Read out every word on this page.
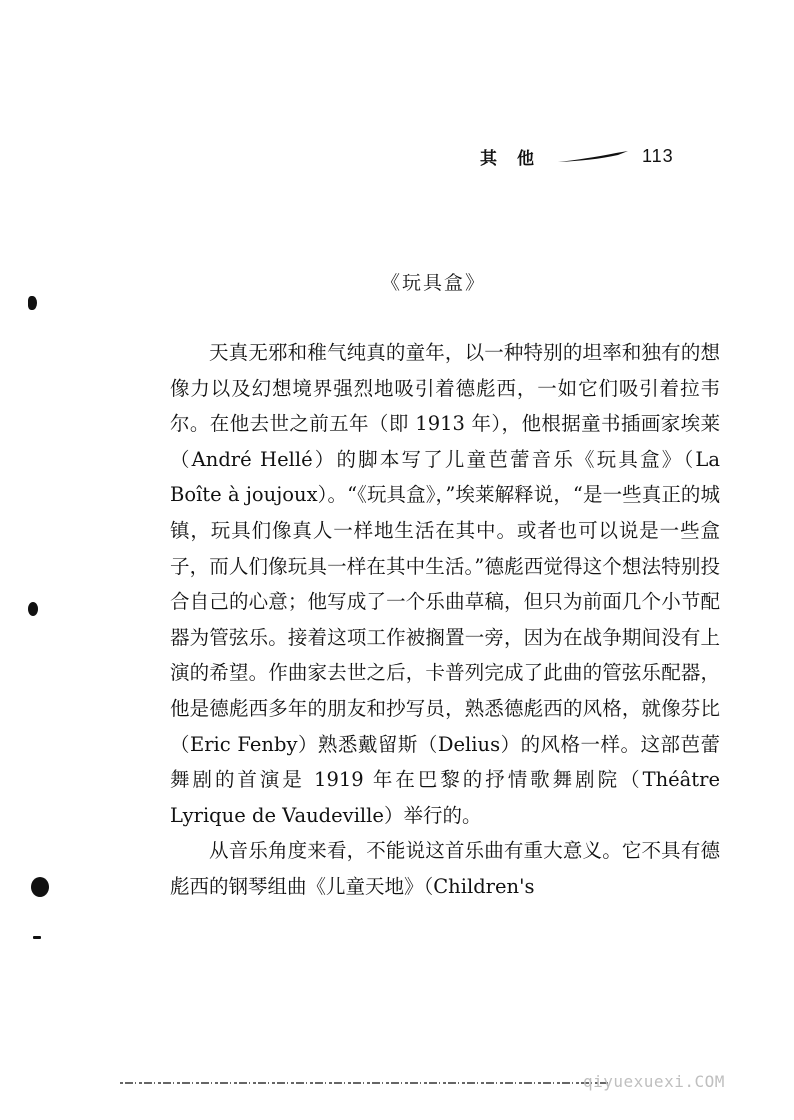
其他	113
《玩具盒》

天真无邪和稚气纯真的童年，以一种特别的坦率和独有的想像力以及幻想境界强烈地吸引着德彪西，一如它们吸引着拉韦尔。在他去世之前五年（即 1913 年），他根据童书插画家埃莱（André Hellé）的脚本写了儿童芭蕾音乐《玩具盒》（La Boîte à joujoux）。“《玩具盒》，”埃莱解释说，“是一些真正的城镇，玩具们像真人一样地生活在其中。或者也可以说是一些盒子，而人们像玩具一样在其中生活。”德彪西觉得这个想法特别投合自己的心意；他写成了一个乐曲草稿，但只为前面几个小节配器为管弦乐。接着这项工作被搁置一旁，因为在战争期间没有上演的希望。作曲家去世之后，卡普列完成了此曲的管弦乐配器，他是德彪西多年的朋友和抄写员，熟悉德彪西的风格，就像芬比（Eric Fenby）熟悉戴留斯（Delius）的风格一样。这部芭蕾舞剧的首演是 1919 年在巴黎的抒情歌舞剧院（Théâtre Lyrique de Vaudeville）举行的。

从音乐角度来看，不能说这首乐曲有重大意义。它不具有德彪西的钢琴组曲《儿童天地》（Children's

qiyuexuexi.COM
